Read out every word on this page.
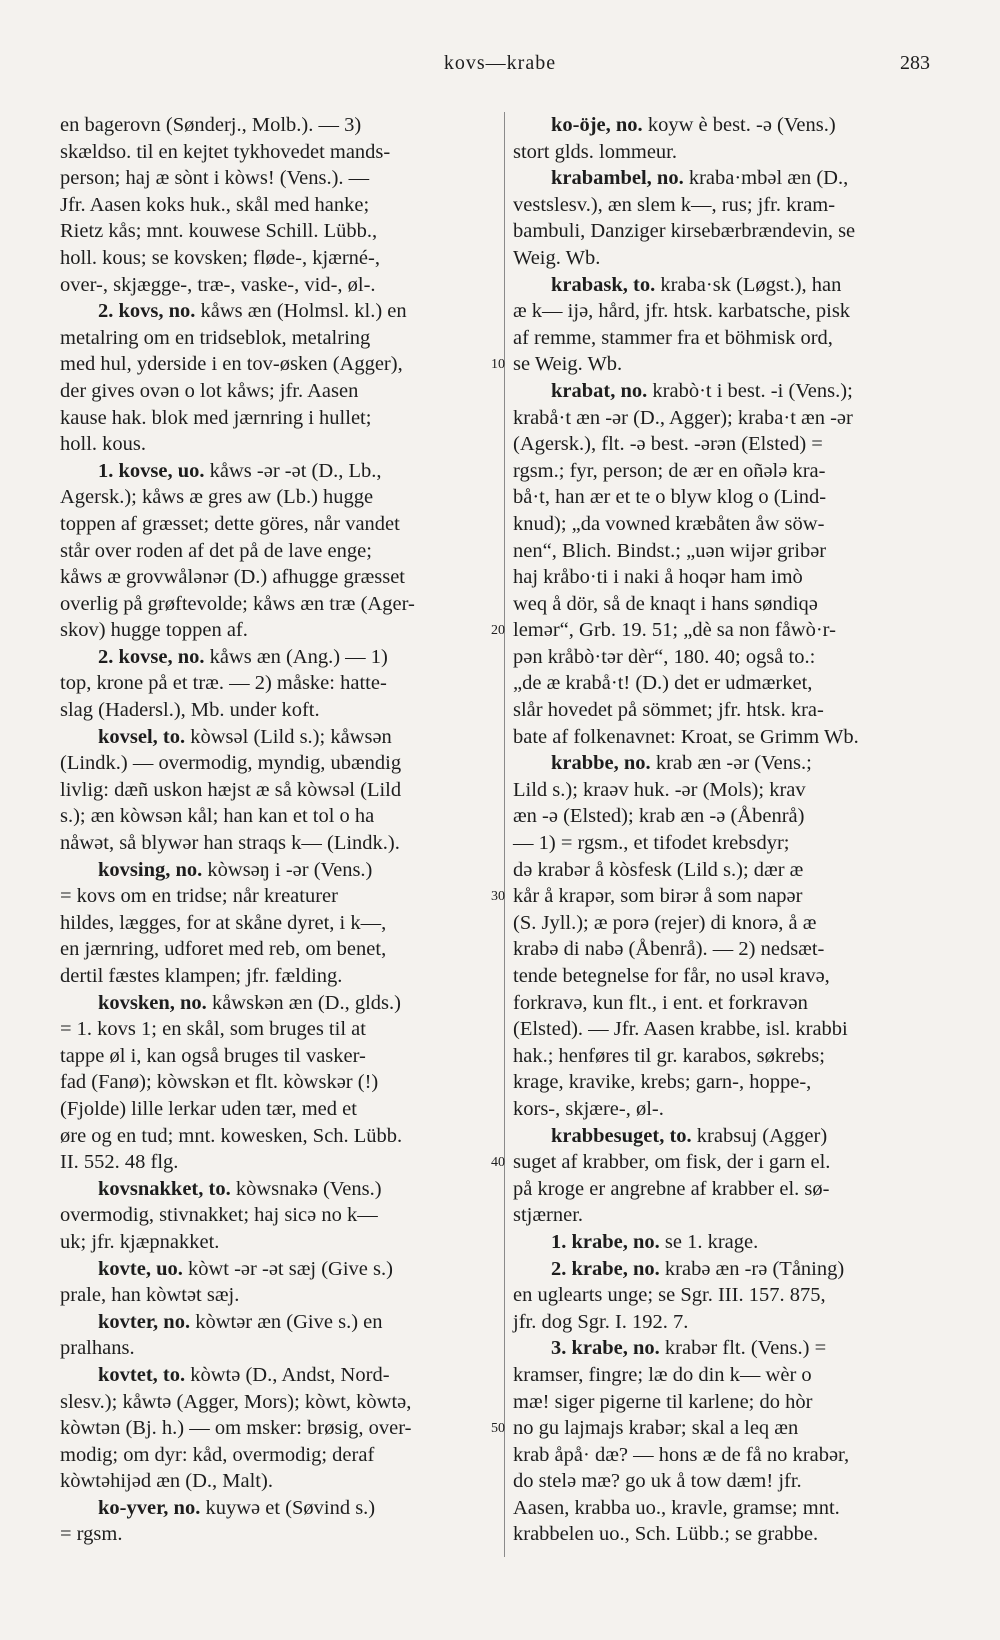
kovs—krabe	283
en bagerovn (Sønderj., Molb.). — 3)
skældso. til en kejtet tykhovedet mands-
person; haj æ sònt i kòws! (Vens.). —
Jfr. Aasen koks huk., skål med hanke;
Rietz kås; mnt. kouwese Schill. Lübb.,
holl. kous; se kovsken; fløde-, kjærné-,
over-, skjægge-, træ-, vaske-, vid-, øl-.
2. kovs, no. kåws æn (Holmsl. kl.) en
metalring om en tridseblok, metalring
med hul, yderside i en tov-øsken (Agger),
der gives ovən o lot kåws; jfr. Aasen
kause hak. blok med jærnring i hullet;
holl. kous.
1. kovse, uo. kåws -ər -ət (D., Lb.,
Agersk.); kåws æ gres aw (Lb.) hugge
toppen af græsset; dette göres, når vandet
står over roden af det på de lave enge;
kåws æ grovwålənər (D.) afhugge græsset
overlig på grøftevolde; kåws æn træ (Ager-
skov) hugge toppen af.
2. kovse, no. kåws æn (Ang.) — 1)
top, krone på et træ. — 2) måske: hatte-
slag (Hadersl.), Mb. under koft.
kovsel, to. kòwsəl (Lild s.); kåwsən
(Lindk.) — overmodig, myndig, ubændig
livlig: dæñ uskon hæjst æ så kòwsəl (Lild
s.); æn kòwsən kål; han kan et tol o ha
nåwət, så blywər han straqs k— (Lindk.).
kovsing, no. kòwsəŋ i -ər (Vens.)
= kovs om en tridse; når kreaturer
hildes, lægges, for at skåne dyret, i k—,
en jærnring, udforet med reb, om benet,
dertil fæstes klampen; jfr. fælding.
kovsken, no. kåwskən æn (D., glds.)
= 1. kovs 1; en skål, som bruges til at
tappe øl i, kan også bruges til vasker-
fad (Fanø); kòwskən et flt. kòwskər (!)
(Fjolde) lille lerkar uden tær, med et
øre og en tud; mnt. kowesken, Sch. Lübb.
II. 552. 48 flg.
kovsnakket, to. kòwsnakə (Vens.)
overmodig, stivnakket; haj sicə no k—
uk; jfr. kjæpnakket.
kovte, uo. kòwt -ər -ət sæj (Give s.)
prale, han kòwtət sæj.
kovter, no. kòwtər æn (Give s.) en
pralhans.
kovtet, to. kòwtə (D., Andst, Nord-
slesv.); kåwtə (Agger, Mors); kòwt, kòwtə,
kòwtən (Bj. h.) — om msker: brøsig, over-
modig; om dyr: kåd, overmodig; deraf
kòwtəhijəd æn (D., Malt).
ko-yver, no. kuywə et (Søvind s.)
= rgsm.
10
20
30
40
50
ko-öje, no. koyw è best. -ə (Vens.)
stort glds. lommeur.
krabambel, no. kraba·mbəl æn (D.,
vestslesv.), æn slem k—, rus; jfr. kram-
bambuli, Danziger kirsebærbrændevin, se
Weig. Wb.
krabask, to. kraba·sk (Løgst.), han
æ k— ijə, hård, jfr. htsk. karbatsche, pisk
af remme, stammer fra et böhmisk ord,
se Weig. Wb.
krabat, no. krabò·t i best. -i (Vens.);
krabå·t æn -ər (D., Agger); kraba·t æn -ər
(Agersk.), flt. -ə best. -ərən (Elsted) =
rgsm.; fyr, person; de ær en oñələ kra-
bå·t, han ær et te o blyw klog o (Lind-
knud); „da vowned kræbåten åw söw-
nen“, Blich. Bindst.; „uən wijər gribər
haj kråbo·ti i naki å hoqər ham imò
weq å dör, så de knaqt i hans søndiqə
lemər“, Grb. 19. 51; „dè sa non fåwò·r-
pən kråbò·tər dèr“, 180. 40; også to.:
„de æ krabå·t! (D.) det er udmærket,
slår hovedet på sömmet; jfr. htsk. kra-
bate af folkenavnet: Kroat, se Grimm Wb.
krabbe, no. krab æn -ər (Vens.;
Lild s.); kraəv huk. -ər (Mols); krav
æn -ə (Elsted); krab æn -ə (Åbenrå)
— 1) = rgsm., et tifodet krebsdyr;
də krabər å kòsfesk (Lild s.); dær æ
kår å krapər, som birər å som napər
(S. Jyll.); æ porə (rejer) di knorə, å æ
krabə di nabə (Åbenrå). — 2) nedsæt-
tende betegnelse for får, no usəl kravə,
forkravə, kun flt., i ent. et forkravən
(Elsted). — Jfr. Aasen krabbe, isl. krabbi
hak.; henføres til gr. karabos, søkrebs;
krage, kravike, krebs; garn-, hoppe-,
kors-, skjære-, øl-.
krabbesuget, to. krabsuj (Agger)
suget af krabber, om fisk, der i garn el.
på kroge er angrebne af krabber el. sø-
stjærner.
1. krabe, no. se 1. krage.
2. krabe, no. krabə æn -rə (Tåning)
en uglearts unge; se Sgr. III. 157. 875,
jfr. dog Sgr. I. 192. 7.
3. krabe, no. krabər flt. (Vens.) =
kramser, fingre; læ do din k— wèr o
mæ! siger pigerne til karlene; do hòr
no gu lajmajs krabər; skal a leq æn
krab åpå· dæ? — hons æ de få no krabər,
do stelə mæ? go uk å tow dæm! jfr.
Aasen, krabba uo., kravle, gramse; mnt.
krabbelen uo., Sch. Lübb.; se grabbe.
